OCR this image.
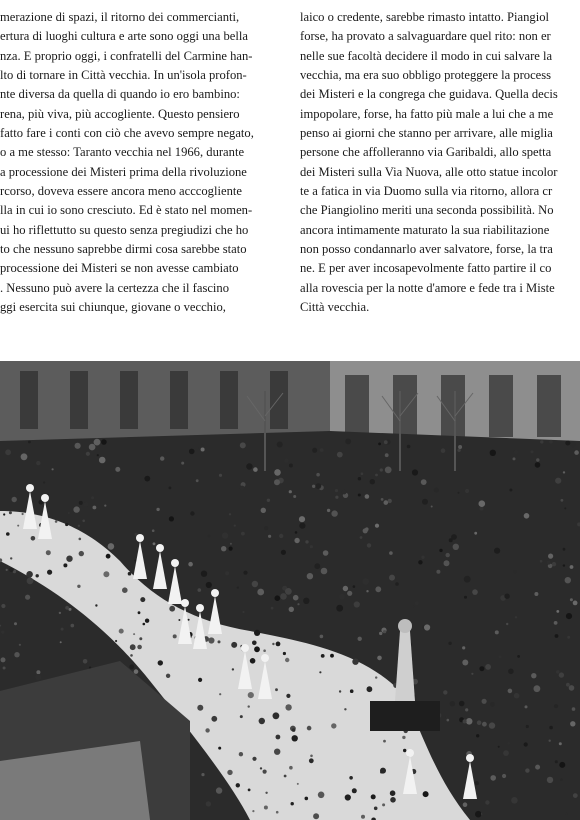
merazione di spazi, il ritorno dei commercianti,
ertura di luoghi cultura e arte sono oggi una bella
nza. E proprio oggi, i confratelli del Carmine han-
lto di tornare in Città vecchia. In un'isola profon-
nte diversa da quella di quando io ero bambino:
rena, più viva, più accogliente. Questo pensiero
fatto fare i conti con ciò che avevo sempre negato,
o a me stesso: Taranto vecchia nel 1966, durante
a processione dei Misteri prima della rivoluzione
rcorso, doveva essere ancora meno acccogliente
lla in cui io sono cresciuto. Ed è stato nel momen-
ui ho riflettutto su questo senza pregiudizi che ho
to che nessuno saprebbe dirmi cosa sarebbe stato
processione dei Misteri se non avesse cambiato
. Nessuno può avere la certezza che il fascino
ggi esercita sui chiunque, giovane o vecchio,
laico o credente, sarebbe rimasto intatto. Piangiol
forse, ha provato a salvaguardare quel rito: non er
nelle sue facoltà decidere il modo in cui salvare la
vecchia, ma era suo obbligo proteggere la process
dei Misteri e la congrega che guidava. Quella decis
impopolare, forse, ha fatto più male a lui che a me
penso ai giorni che stanno per arrivare, alle miglia
persone che affolleranno via Garibaldi, allo spetta
dei Misteri sulla Via Nuova, alle otto statue incolor
te a fatica in via Duomo sulla via ritorno, allora cr
che Piangiolino meriti una seconda possibilità. No
ancora intimamente maturato la sua riabilitazione
non posso condannarlo aver salvatore, forse, la tra
ne. E per aver incosapevolmente fatto partire il co
alla rovescia per la notte d'amore e fede tra i Miste
Città vecchia.
